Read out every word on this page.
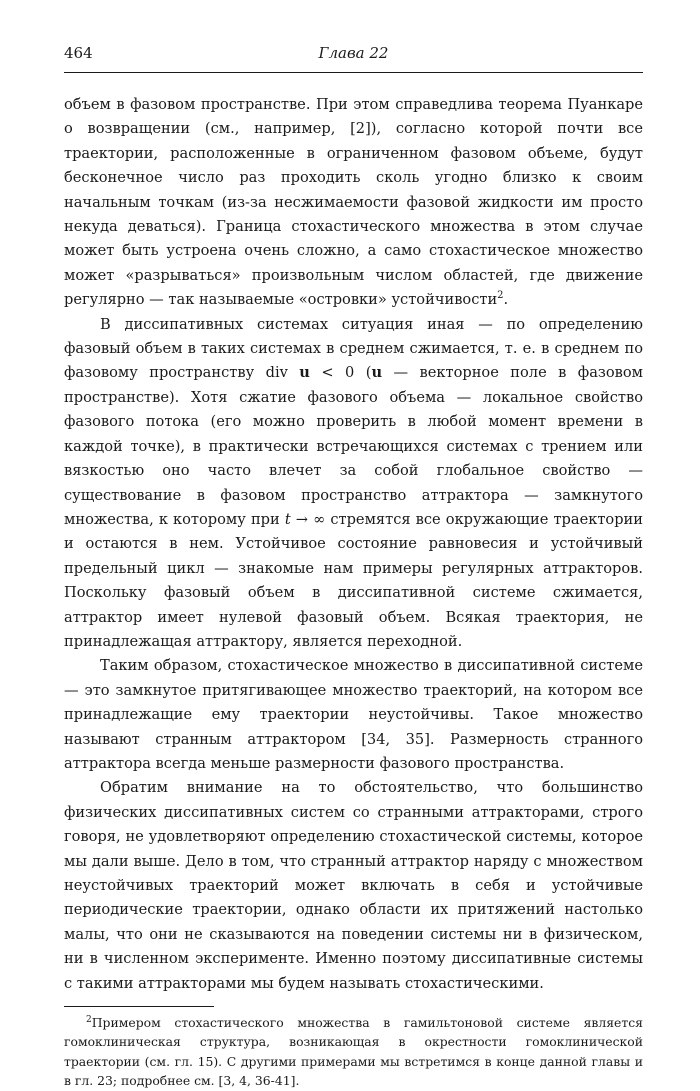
464	Глава 22

объем в фазовом пространстве. При этом справедлива теорема Пуанкаре о возвращении (см., например, [2]), согласно которой почти все траектории, расположенные в ограниченном фазовом объеме, будут бесконечное число раз проходить сколь угодно близко к своим начальным точкам (из-за несжимаемости фазовой жидкости им просто некуда деваться). Граница стохастического множества в этом случае может быть устроена очень сложно, а само стохастическое множество может «разрываться» произвольным числом областей, где движение регулярно — так называемые «островки» устойчивости$^2$.

В диссипативных системах ситуация иная — по определению фазовый объем в таких системах в среднем сжимается, т. е. в среднем по фазовому пространству div u < 0 (u — векторное поле в фазовом пространстве). Хотя сжатие фазового объема — локальное свойство фазового потока (его можно проверить в любой момент времени в каждой точке), в практически встречающихся системах с трением или вязкостью оно часто влечет за собой глобальное свойство — существование в фазовом пространство аттрактора — замкнутого множества, к которому при t → ∞ стремятся все окружающие траектории и остаются в нем. Устойчивое состояние равновесия и устойчивый предельный цикл — знакомые нам примеры регулярных аттракторов. Поскольку фазовый объем в диссипативной системе сжимается, аттрактор имеет нулевой фазовый объем. Всякая траектория, не принадлежащая аттрактору, является переходной.

Таким образом, стохастическое множество в диссипативной системе — это замкнутое притягивающее множество траекторий, на котором все принадлежащие ему траектории неустойчивы. Такое множество называют странным аттрактором [34, 35]. Размерность странного аттрактора всегда меньше размерности фазового пространства.

Обратим внимание на то обстоятельство, что большинство физических диссипативных систем со странными аттракторами, строго говоря, не удовлетворяют определению стохастической системы, которое мы дали выше. Дело в том, что странный аттрактор наряду с множеством неустойчивых траекторий может включать в себя и устойчивые периодические траектории, однако области их притяжений настолько малы, что они не сказываются на поведении системы ни в физическом, ни в численном эксперименте. Именно поэтому диссипативные системы с такими аттракторами мы будем называть стохастическими.

$^2$Примером стохастического множества в гамильтоновой системе является гомоклиническая структура, возникающая в окрестности гомоклинической траектории (см. гл. 15). С другими примерами мы встретимся в конце данной главы и в гл. 23; подробнее см. [3, 4, 36-41].
